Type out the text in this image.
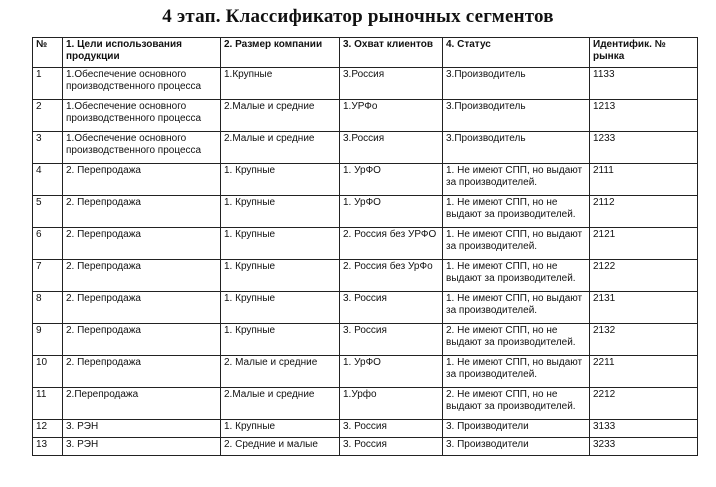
4 этап. Классификатор рыночных сегментов
№	1. Цели использования продукции	2. Размер компании	3. Охват клиентов	4. Статус	Идентифик. № рынка
1	1.Обеспечение основного производственного процесса	1.Крупные	3.Россия	3.Производитель	1133
2	1.Обеспечение основного производственного процесса	2.Малые и средние	1.УРФо	3.Производитель	1213
3	1.Обеспечение основного производственного процесса	2.Малые и средние	3.Россия	3.Производитель	1233
4	2. Перепродажа	1. Крупные	1. УрФО	1. Не имеют СПП, но выдают за производителей.	2111
5	2. Перепродажа	1. Крупные	1. УрФО	1. Не имеют СПП, но не выдают за производителей.	2112
6	2. Перепродажа	1. Крупные	2. Россия без УРФО	1. Не имеют СПП, но выдают за производителей.	2121
7	2. Перепродажа	1. Крупные	2. Россия без УрФо	1. Не имеют СПП, но не выдают за производителей.	2122
8	2. Перепродажа	1. Крупные	3. Россия	1. Не имеют СПП, но выдают за производителей.	2131
9	2. Перепродажа	1. Крупные	3. Россия	2. Не имеют СПП, но не выдают за производителей.	2132
10	2. Перепродажа	2. Малые и средние	1. УрФО	1. Не имеют СПП, но выдают за производителей.	2211
11	2.Перепродажа	2.Малые и средние	1.Урфо	2. Не имеют СПП, но не выдают за производителей.	2212
12	3. РЭН	1. Крупные	3. Россия	3. Производители	3133
13	3. РЭН	2. Средние и малые	3. Россия	3. Производители	3233
